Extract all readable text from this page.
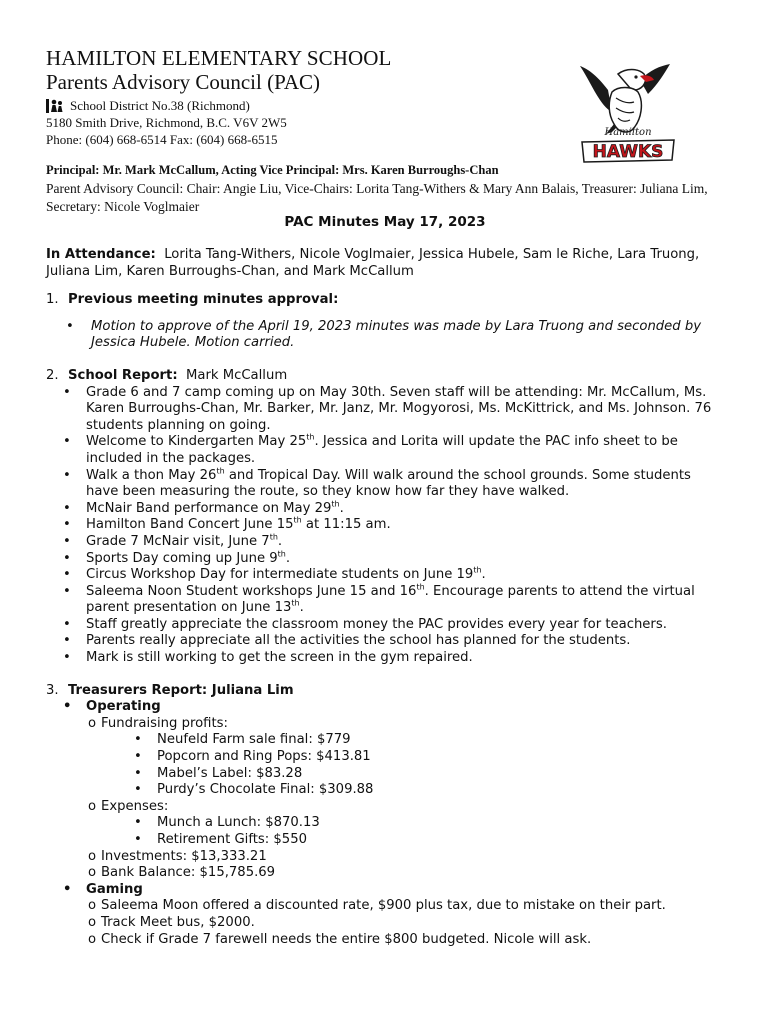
HAMILTON ELEMENTARY SCHOOL
Parents Advisory Council (PAC)
School District No.38 (Richmond)
5180 Smith Drive, Richmond, B.C. V6V 2W5
Phone: (604) 668-6514 Fax: (604) 668-6515	Hamilton
HAWKS
Principal: Mr. Mark McCallum, Acting Vice Principal: Mrs. Karen Burroughs-Chan
Parent Advisory Council: Chair: Angie Liu, Vice-Chairs: Lorita Tang-Withers & Mary Ann Balais, Treasurer: Juliana Lim, Secretary: Nicole Voglmaier
PAC Minutes May 17, 2023

In Attendance: Lorita Tang-Withers, Nicole Voglmaier, Jessica Hubele, Sam le Riche, Lara Truong, Juliana Lim, Karen Burroughs-Chan, and Mark McCallum

1. Previous meeting minutes approval:
• Motion to approve of the April 19, 2023 minutes was made by Lara Truong and seconded by Jessica Hubele. Motion carried.
2. School Report:
Mark McCallum
• Grade 6 and 7 camp coming up on May 30th. Seven staff will be attending: Mr. McCallum, Ms. Karen Burroughs-Chan, Mr. Barker, Mr. Janz, Mr. Mogyorosi, Ms. McKittrick, and Ms. Johnson. 76 students planning on going.
• Welcome to Kindergarten May 25th. Jessica and Lorita will update the PAC info sheet to be included in the packages.
• Walk a thon May 26th and Tropical Day. Will walk around the school grounds. Some students have been measuring the route, so they know how far they have walked.
• McNair Band performance on May 29th.
• Hamilton Band Concert June 15th at 11:15 am.
• Grade 7 McNair visit, June 7th.
• Sports Day coming up June 9th.
• Circus Workshop Day for intermediate students on June 19th.
• Saleema Noon Student workshops June 15 and 16th. Encourage parents to attend the virtual parent presentation on June 13th.
• Staff greatly appreciate the classroom money the PAC provides every year for teachers.
• Parents really appreciate all the activities the school has planned for the students.
• Mark is still working to get the screen in the gym repaired.
3. Treasurers Report: Juliana Lim
• Operating
o Fundraising profits:
• Neufeld Farm sale final: $779
• Popcorn and Ring Pops: $413.81
• Mabel’s Label: $83.28
• Purdy’s Chocolate Final: $309.88
o Expenses:
• Munch a Lunch: $870.13
• Retirement Gifts: $550
o Investments: $13,333.21
o Bank Balance: $15,785.69
• Gaming
o Saleema Moon offered a discounted rate, $900 plus tax, due to mistake on their part.
o Track Meet bus, $2000.
o Check if Grade 7 farewell needs the entire $800 budgeted. Nicole will ask.
